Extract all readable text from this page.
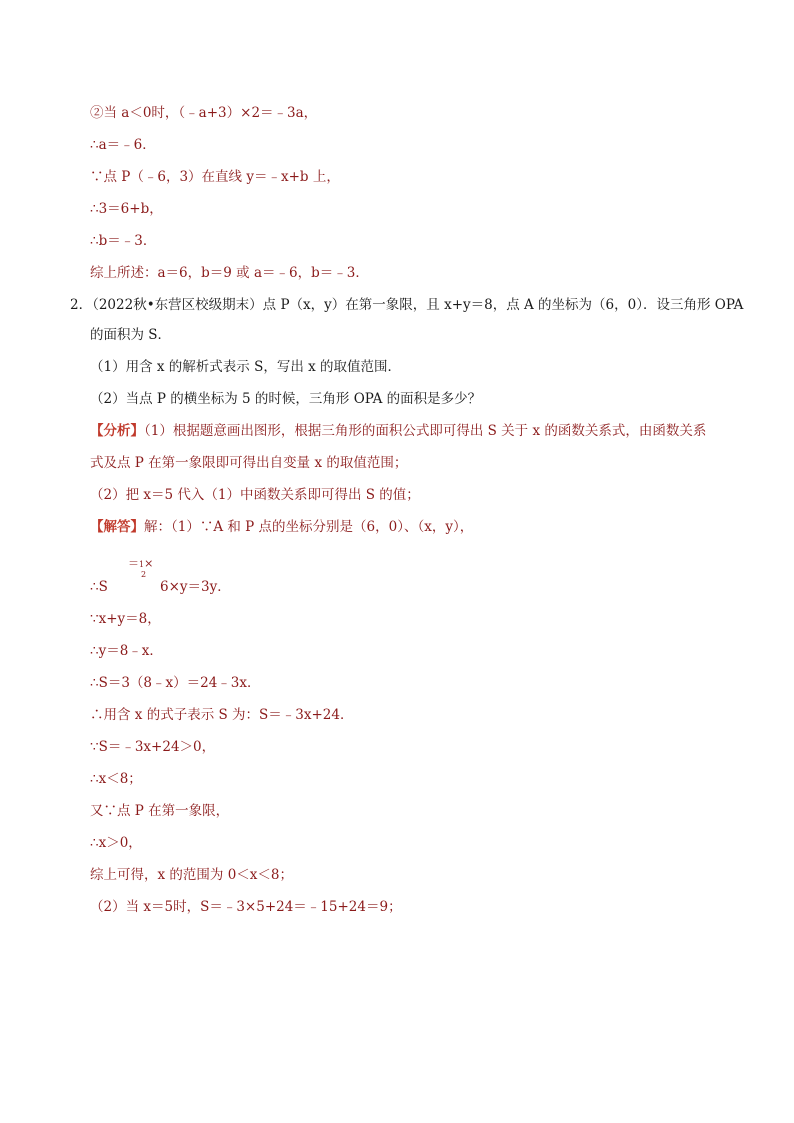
②当 a＜0时，（﹣a+3）×2＝﹣3a，
∴a＝﹣6．
∵点 P（﹣6，3）在直线 y＝﹣x+b 上，
∴3＝6+b，
∴b＝﹣3．
综上所述：a＝6，b＝9 或 a＝﹣6，b＝﹣3．
2．（2022秋•东营区校级期末）点 P（x，y）在第一象限，且 x+y＝8，点 A 的坐标为（6，0）．设三角形 OPA
的面积为 S．
（1）用含 x 的解析式表示 S，写出 x 的取值范围．
（2）当点 P 的横坐标为 5 的时候，三角形 OPA 的面积是多少？
【分析】（1）根据题意画出图形，根据三角形的面积公式即可得出 S 关于 x 的函数关系式，由函数关系
式及点 P 在第一象限即可得出自变量 x 的取值范围；
（2）把 x＝5 代入（1）中函数关系即可得出 S 的值；
【解答】解：（1）∵A 和 P 点的坐标分别是（6，0）、（x，y），
＝1×
2
∴S	6×y＝3y．
∵x+y＝8，
∴y＝8﹣x．
∴S＝3（8﹣x）＝24﹣3x．
∴用含 x 的式子表示 S 为：S＝﹣3x+24．
∵S＝﹣3x+24＞0，
∴x＜8；
又∵点 P 在第一象限，
∴x＞0，
综上可得，x 的范围为 0＜x＜8；
（2）当 x＝5时，S＝﹣3×5+24＝﹣15+24＝9；
